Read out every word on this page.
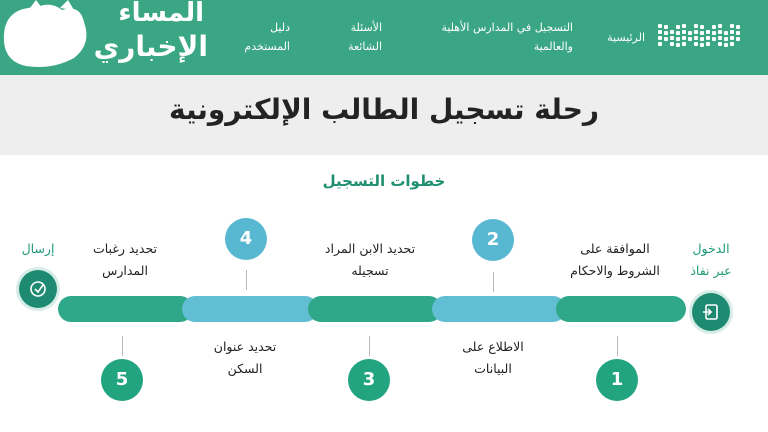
الرئيسية
التسجيل في المدارس الأهلية
والعالمية
الأسئلة
الشائعة
دليل
المستخدم
المساء
الإخباري
رحلة تسجيل الطالب الإلكترونية
خطوات التسجيل
الدخول
عبر نفاذ
إرسال	الموافقة على
الشروط والاحكام
1
2
الاطلاع على
البيانات
تحديد الابن المراد
تسجيله
3
4
تحديد عنوان
السكن
تحديد رغبات
المدارس
5
